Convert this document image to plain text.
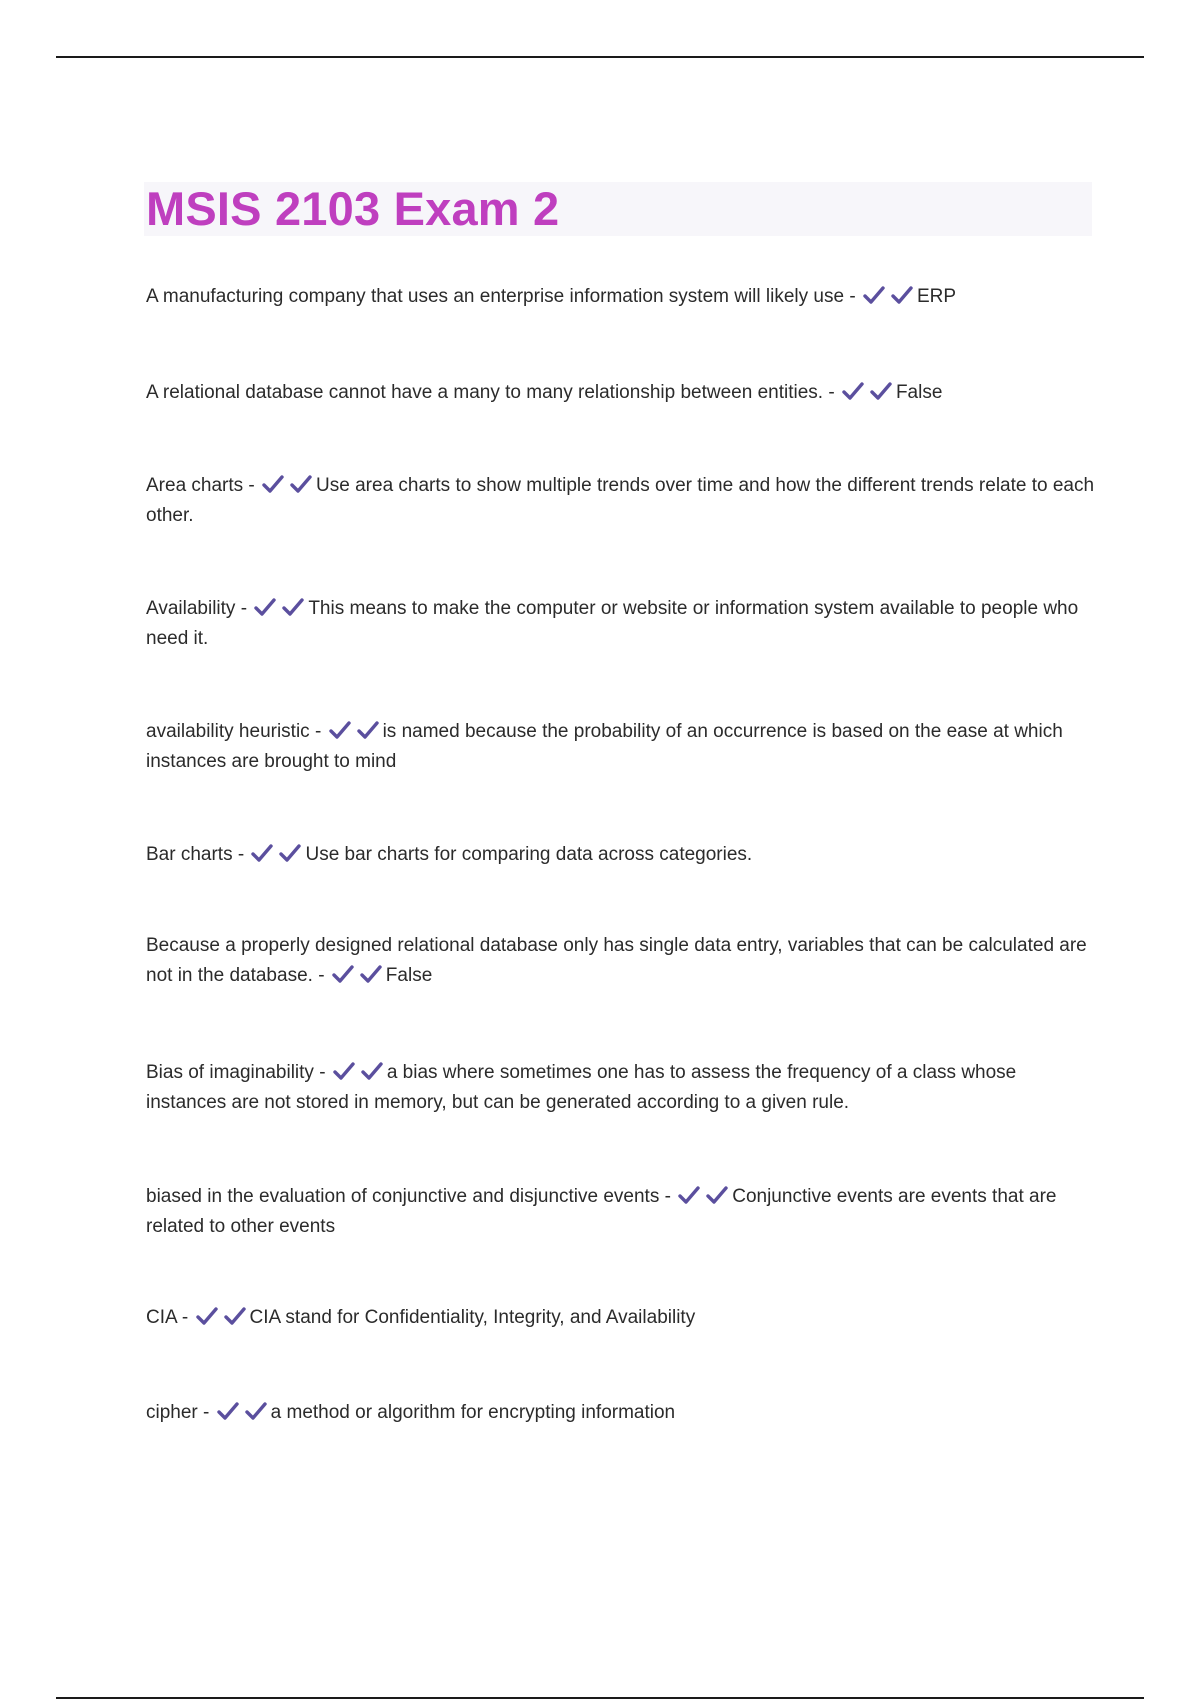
MSIS 2103 Exam 2

A manufacturing company that uses an enterprise information system will likely use -	ERP

A relational database cannot have a many to many relationship between entities. -	False

Area charts -	Use area charts to show multiple trends over time and how the different trends relate to each other.

Availability -	This means to make the computer or website or information system available to people who need it.

availability heuristic -	is named because the probability of an occurrence is based on the ease at which instances are brought to mind

Bar charts -	Use bar charts for comparing data across categories.

Because a properly designed relational database only has single data entry, variables that can be calculated are not in the database. -	False

Bias of imaginability -	a bias where sometimes one has to assess the frequency of a class whose instances are not stored in memory, but can be generated according to a given rule.

biased in the evaluation of conjunctive and disjunctive events -	Conjunctive events are events that are related to other events

CIA -	CIA stand for Confidentiality, Integrity, and Availability

cipher -	a method or algorithm for encrypting information
